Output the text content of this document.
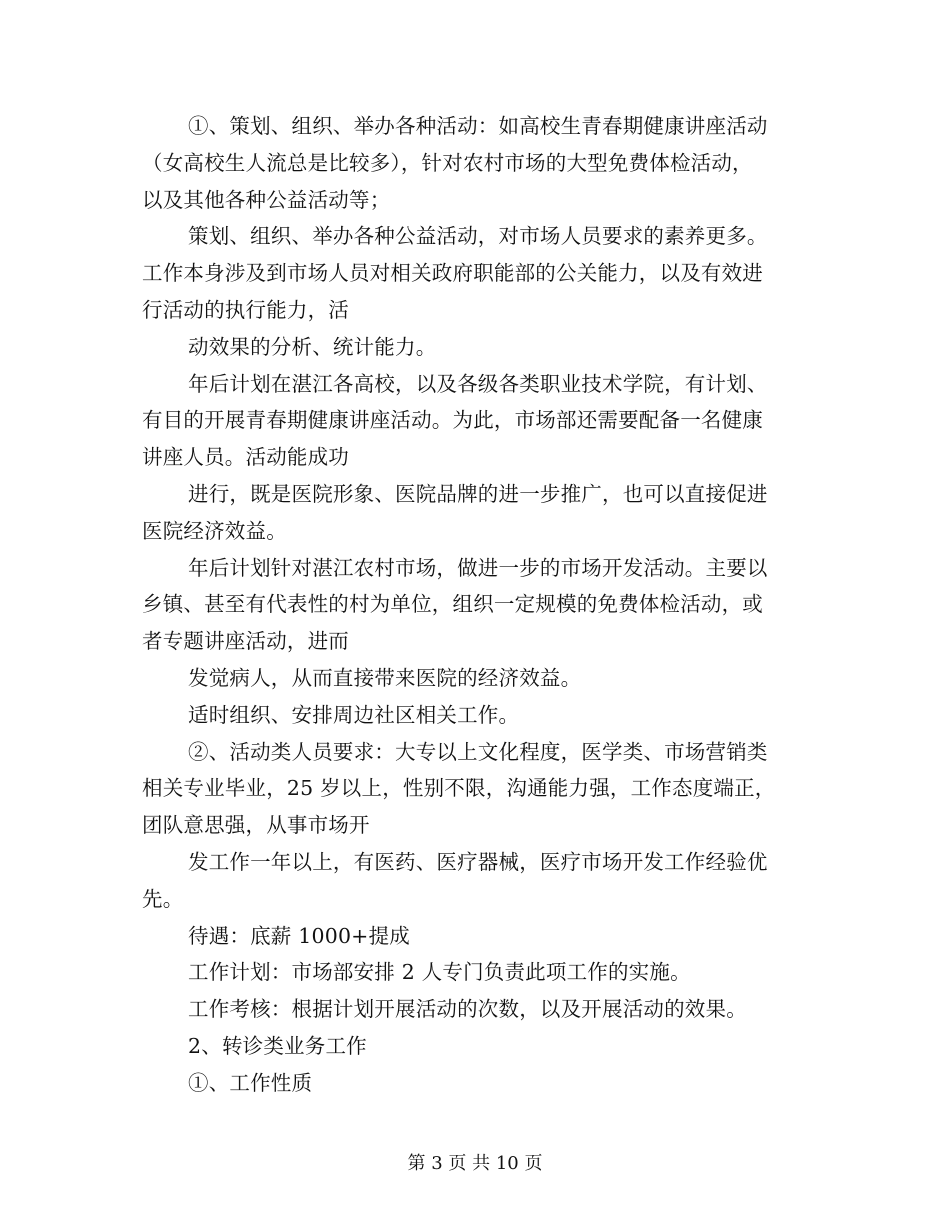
①、策划、组织、举办各种活动：如高校生青春期健康讲座活动
（女高校生人流总是比较多），针对农村市场的大型免费体检活动，
以及其他各种公益活动等；
策划、组织、举办各种公益活动，对市场人员要求的素养更多。
工作本身涉及到市场人员对相关政府职能部的公关能力，以及有效进
行活动的执行能力，活
动效果的分析、统计能力。
年后计划在湛江各高校，以及各级各类职业技术学院，有计划、
有目的开展青春期健康讲座活动。为此，市场部还需要配备一名健康
讲座人员。活动能成功
进行，既是医院形象、医院品牌的进一步推广，也可以直接促进
医院经济效益。
年后计划针对湛江农村市场，做进一步的市场开发活动。主要以
乡镇、甚至有代表性的村为单位，组织一定规模的免费体检活动，或
者专题讲座活动，进而
发觉病人，从而直接带来医院的经济效益。
适时组织、安排周边社区相关工作。
②、活动类人员要求：大专以上文化程度，医学类、市场营销类
相关专业毕业，25 岁以上，性别不限，沟通能力强，工作态度端正，
团队意思强，从事市场开
发工作一年以上，有医药、医疗器械，医疗市场开发工作经验优
先。
待遇：底薪 1000+提成
工作计划：市场部安排 2 人专门负责此项工作的实施。
工作考核：根据计划开展活动的次数，以及开展活动的效果。
2、转诊类业务工作
①、工作性质
第 3 页 共 10 页
